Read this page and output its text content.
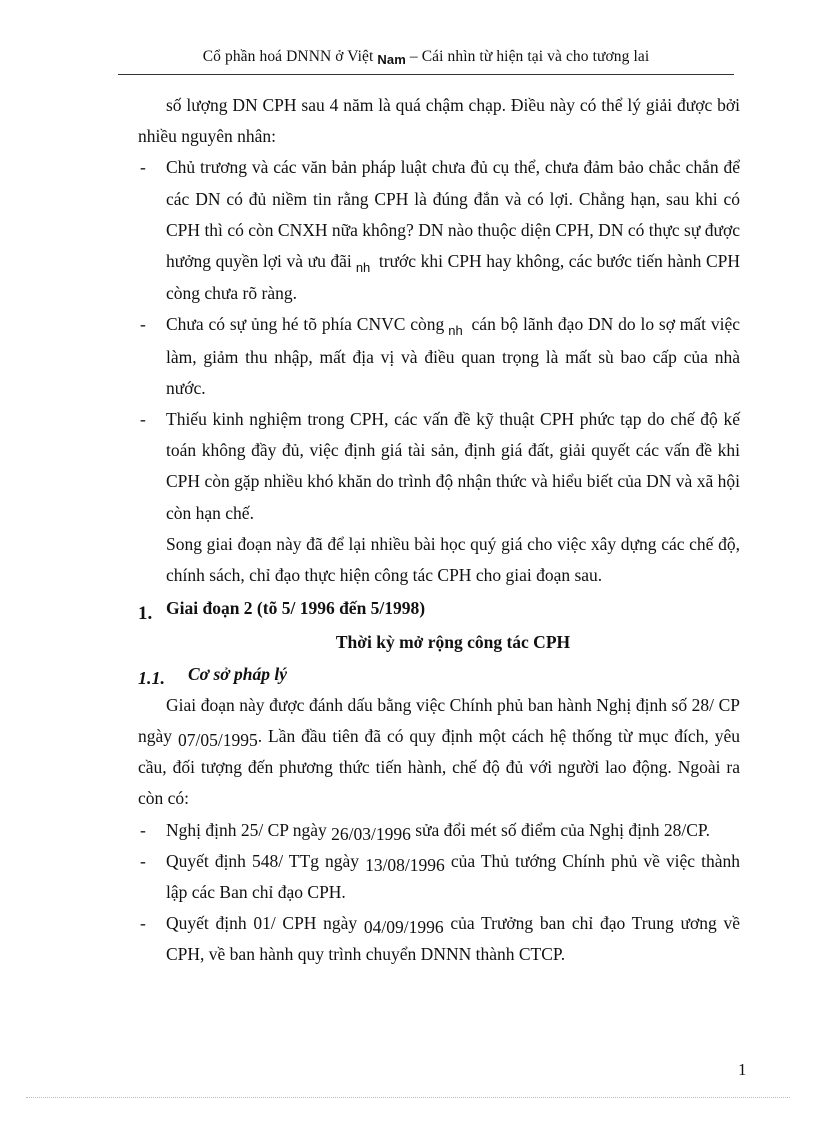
Cổ phần hoá DNNN ở Việt Nam – Cái nhìn từ hiện tại và cho tương lai

số lượng DN CPH sau 4 năm là quá chậm chạp. Điều này có thể lý giải được bởi nhiều nguyên nhân:

- Chủ trương và các văn bản pháp luật chưa đủ cụ thể, chưa đảm bảo chắc chắn để các DN có đủ niềm tin rằng CPH là đúng đắn và có lợi. Chẳng hạn, sau khi có CPH thì có còn CNXH nữa không? DN nào thuộc diện CPH, DN có thực sự được hưởng quyền lợi và ưu đãi $_{nh}$ trước khi CPH hay không, các bước tiến hành CPH còng chưa rõ ràng.

- Chưa có sự ủng hé tõ phía CNVC còng $_{nh}$ cán bộ lãnh đạo DN do lo sợ mất việc làm, giảm thu nhập, mất địa vị và điều quan trọng là mất sù bao cấp của nhà nước.

- Thiếu kinh nghiệm trong CPH, các vấn đề kỹ thuật CPH phức tạp do chế độ kế toán không đầy đủ, việc định giá tài sản, định giá đất, giải quyết các vấn đề khi CPH còn gặp nhiều khó khăn do trình độ nhận thức và hiểu biết của DN và xã hội còn hạn chế.

Song giai đoạn này đã để lại nhiều bài học quý giá cho việc xây dựng các chế độ, chính sách, chỉ đạo thực hiện công tác CPH cho giai đoạn sau.

1. Giai đoạn 2 (tõ 5/ 1996 đến 5/1998)

Thời kỳ mở rộng công tác CPH

1.1.	Cơ sở pháp lý

Giai đoạn này được đánh dấu bằng việc Chính phủ ban hành Nghị định số 28/ CP ngày 07/05/1995. Lần đầu tiên đã có quy định một cách hệ thống từ mục đích, yêu cầu, đối tượng đến phương thức tiến hành, chế độ đủ với người lao động. Ngoài ra còn có:

- Nghị định 25/ CP ngày 26/03/1996 sửa đổi mét số điểm của Nghị định 28/CP.

- Quyết định 548/ TTg ngày 13/08/1996 của Thủ tướng Chính phủ về việc thành lập các Ban chỉ đạo CPH.

- Quyết định 01/ CPH ngày 04/09/1996 của Trưởng ban chỉ đạo Trung ương về CPH, về ban hành quy trình chuyển DNNN thành CTCP.

1
